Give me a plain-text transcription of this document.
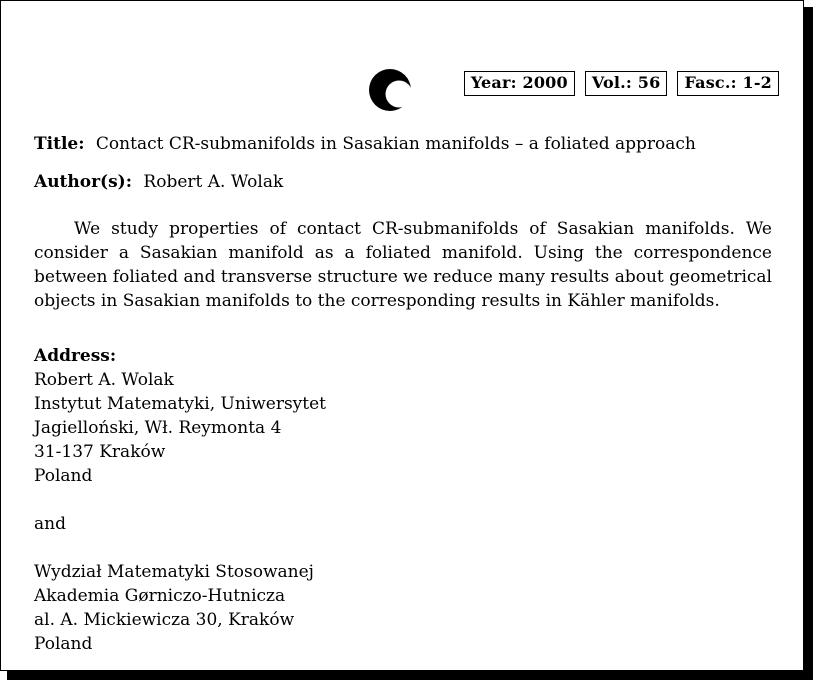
Year: 2000	Vol.: 56	Fasc.: 1-2
Title: Contact CR-submanifolds in Sasakian manifolds – a foliated approach
Author(s): Robert A. Wolak

We study properties of contact CR-submanifolds of Sasakian manifolds. We consider a Sasakian manifold as a foliated manifold. Using the correspondence between foliated and transverse structure we reduce many results about geometrical objects in Sasakian manifolds to the corresponding results in Kähler manifolds.

Address:
Robert A. Wolak
Instytut Matematyki, Uniwersytet
Jagielloński, Wł. Reymonta 4
31-137 Kraków
Poland
and
Wydział Matematyki Stosowanej
Akademia Gørniczo-Hutnicza
al. A. Mickiewicza 30, Kraków
Poland
